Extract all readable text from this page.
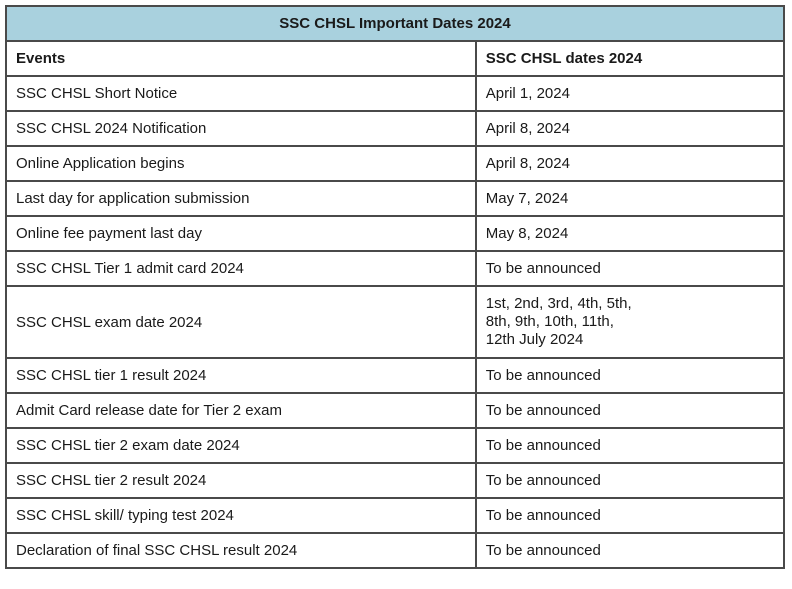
SSC CHSL Important Dates 2024	
Events	SSC CHSL dates 2024
SSC CHSL Short Notice	April 1, 2024
SSC CHSL 2024 Notification	April 8, 2024
Online Application begins	April 8, 2024
Last day for application submission	May 7, 2024
Online fee payment last day	May 8, 2024
SSC CHSL Tier 1 admit card 2024	To be announced
SSC CHSL exam date 2024	1st, 2nd, 3rd, 4th, 5th,
8th, 9th, 10th, 11th,
12th July 2024

SSC CHSL tier 1 result 2024	To be announced
Admit Card release date for Tier 2 exam	To be announced
SSC CHSL tier 2 exam date 2024	To be announced
SSC CHSL tier 2 result 2024	To be announced
SSC CHSL skill/ typing test 2024	To be announced
Declaration of final SSC CHSL result 2024	To be announced
